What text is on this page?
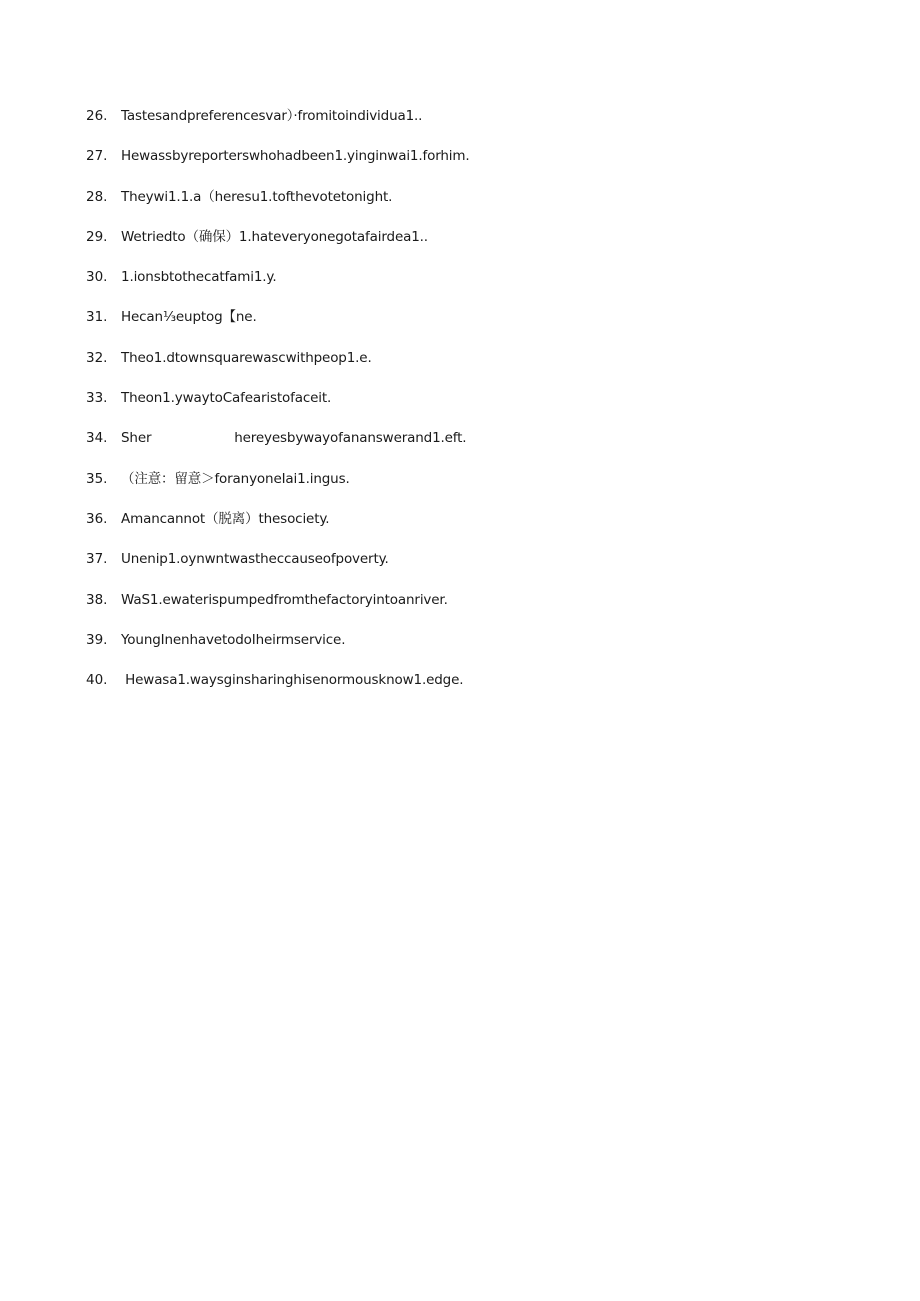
26.	Tastesandpreferencesvar）·fromitoindividua1..
27.	Hewassbyreporterswhohadbeen1.yinginwai1.forhim.
28.	Theywi1.1.a（heresu1.tofthevotetonight.
29.	Wetriedto（确保）1.hateveryonegotafairdea1..
30.	1.ionsbtothecatfami1.y.
31.	Hecan⅓euptog【ne.
32.	Theo1.dtownsquarewascwithpeop1.e.
33.	Theon1.ywaytoCafearistofaceit.
34.	Sher                    hereyesbywayofananswerand1.eft.
35.	（注意：留意＞foranyoneIai1.ingus.
36.	Amancannot（脱离）thesociety.
37.	Unenip1.oynwntwastheccauseofpoverty.
38.	WaS1.ewaterispumpedfromthefactoryintoanriver.
39.	YoungInenhavetodoIheirmservice.
40.	Hewasa1.waysginsharinghisenormousknow1.edge.
